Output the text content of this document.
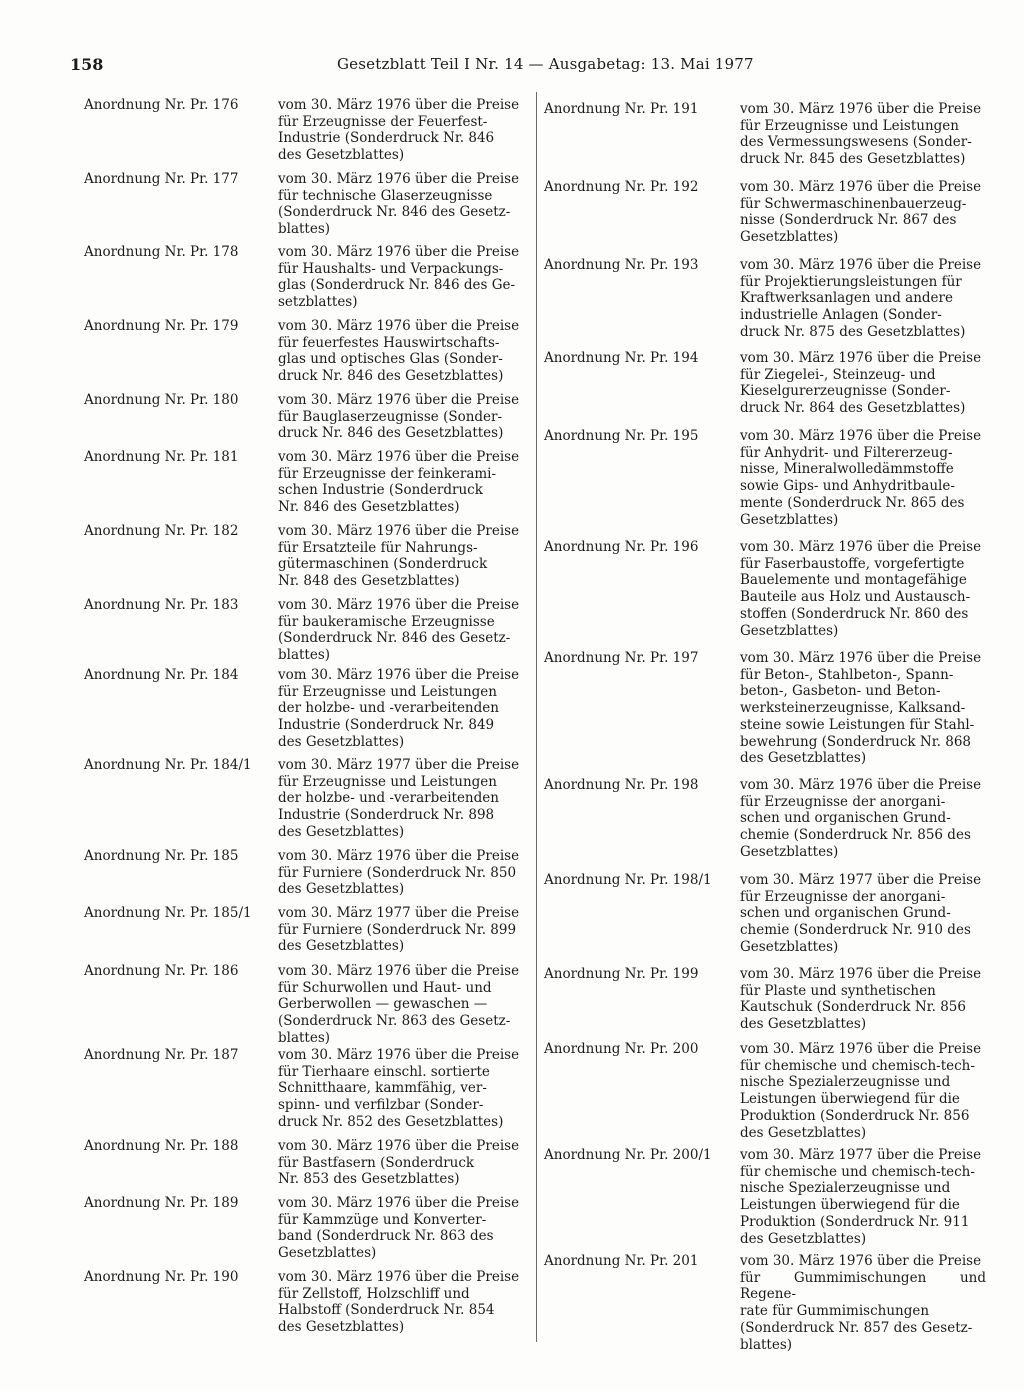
158	Gesetzblatt Teil I Nr. 14 — Ausgabetag: 13. Mai 1977
Anordnung Nr. Pr. 176	vom 30. März 1976 über die Preise
für Erzeugnisse der Feuerfest-
Industrie (Sonderdruck Nr. 846
des Gesetzblattes)
Anordnung Nr. Pr. 177	vom 30. März 1976 über die Preise
für technische Glaserzeugnisse
(Sonderdruck Nr. 846 des Gesetz-
blattes)
Anordnung Nr. Pr. 178	vom 30. März 1976 über die Preise
für Haushalts- und Verpackungs-
glas (Sonderdruck Nr. 846 des Ge-
setzblattes)
Anordnung Nr. Pr. 179	vom 30. März 1976 über die Preise
für feuerfestes Hauswirtschafts-
glas und optisches Glas (Sonder-
druck Nr. 846 des Gesetzblattes)
Anordnung Nr. Pr. 180	vom 30. März 1976 über die Preise
für Bauglaserzeugnisse (Sonder-
druck Nr. 846 des Gesetzblattes)
Anordnung Nr. Pr. 181	vom 30. März 1976 über die Preise
für Erzeugnisse der feinkerami-
schen Industrie (Sonderdruck
Nr. 846 des Gesetzblattes)
Anordnung Nr. Pr. 182	vom 30. März 1976 über die Preise
für Ersatzteile für Nahrungs-
gütermaschinen (Sonderdruck
Nr. 848 des Gesetzblattes)
Anordnung Nr. Pr. 183	vom 30. März 1976 über die Preise
für baukeramische Erzeugnisse
(Sonderdruck Nr. 846 des Gesetz-
blattes)
Anordnung Nr. Pr. 184	vom 30. März 1976 über die Preise
für Erzeugnisse und Leistungen
der holzbe- und -verarbeitenden
Industrie (Sonderdruck Nr. 849
des Gesetzblattes)
Anordnung Nr. Pr. 184/1 vom 30. März 1977 über die Preise
für Erzeugnisse und Leistungen
der holzbe- und -verarbeitenden
Industrie (Sonderdruck Nr. 898
des Gesetzblattes)
Anordnung Nr. Pr. 185	vom 30. März 1976 über die Preise
für Furniere (Sonderdruck Nr. 850
des Gesetzblattes)
Anordnung Nr. Pr. 185/1 vom 30. März 1977 über die Preise
für Furniere (Sonderdruck Nr. 899
des Gesetzblattes)
Anordnung Nr. Pr. 186	vom 30. März 1976 über die Preise
für Schurwollen und Haut- und
Gerberwollen — gewaschen —
(Sonderdruck Nr. 863 des Gesetz-
blattes)
Anordnung Nr. Pr. 187	vom 30. März 1976 über die Preise
für Tierhaare einschl. sortierte
Schnitthaare, kammfähig, ver-
spinn- und verfilzbar (Sonder-
druck Nr. 852 des Gesetzblattes)
Anordnung Nr. Pr. 188	vom 30. März 1976 über die Preise
für Bastfasern (Sonderdruck
Nr. 853 des Gesetzblattes)
Anordnung Nr. Pr. 189	vom 30. März 1976 über die Preise
für Kammzüge und Konverter-
band (Sonderdruck Nr. 863 des
Gesetzblattes)
Anordnung Nr. Pr. 190	vom 30. März 1976 über die Preise
für Zellstoff, Holzschliff und
Halbstoff (Sonderdruck Nr. 854
des Gesetzblattes)
Anordnung Nr. Pr. 191	vom 30. März 1976 über die Preise
für Erzeugnisse und Leistungen
des Vermessungswesens (Sonder-
druck Nr. 845 des Gesetzblattes)
Anordnung Nr. Pr. 192	vom 30. März 1976 über die Preise
für Schwermaschinenbauerzeug-
nisse (Sonderdruck Nr. 867 des
Gesetzblattes)
Anordnung Nr. Pr. 193	vom 30. März 1976 über die Preise
für Projektierungsleistungen für
Kraftwerksanlagen und andere
industrielle Anlagen (Sonder-
druck Nr. 875 des Gesetzblattes)
Anordnung Nr. Pr. 194	vom 30. März 1976 über die Preise
für Ziegelei-, Steinzeug- und
Kieselgurerzeugnisse (Sonder-
druck Nr. 864 des Gesetzblattes)
Anordnung Nr. Pr. 195	vom 30. März 1976 über die Preise
für Anhydrit- und Filtererzeug-
nisse, Mineralwolledämmstoffe
sowie Gips- und Anhydritbaule-
mente (Sonderdruck Nr. 865 des
Gesetzblattes)
Anordnung Nr. Pr. 196	vom 30. März 1976 über die Preise
für Faserbaustoffe, vorgefertigte
Bauelemente und montagefähige
Bauteile aus Holz und Austausch-
stoffen (Sonderdruck Nr. 860 des
Gesetzblattes)
Anordnung Nr. Pr. 197	vom 30. März 1976 über die Preise
für Beton-, Stahlbeton-, Spann-
beton-, Gasbeton- und Beton-
werksteinerzeugnisse, Kalksand-
steine sowie Leistungen für Stahl-
bewehrung (Sonderdruck Nr. 868
des Gesetzblattes)
Anordnung Nr. Pr. 198	vom 30. März 1976 über die Preise
für Erzeugnisse der anorgani-
schen und organischen Grund-
chemie (Sonderdruck Nr. 856 des
Gesetzblattes)
Anordnung Nr. Pr. 198/1 vom 30. März 1977 über die Preise
für Erzeugnisse der anorgani-
schen und organischen Grund-
chemie (Sonderdruck Nr. 910 des
Gesetzblattes)
Anordnung Nr. Pr. 199	vom 30. März 1976 über die Preise
für Plaste und synthetischen
Kautschuk (Sonderdruck Nr. 856
des Gesetzblattes)
Anordnung Nr. Pr. 200	vom 30. März 1976 über die Preise
für chemische und chemisch-tech-
nische Spezialerzeugnisse und
Leistungen überwiegend für die
Produktion (Sonderdruck Nr. 856
des Gesetzblattes)
Anordnung Nr. Pr. 200/1 vom 30. März 1977 über die Preise
für chemische und chemisch-tech-
nische Spezialerzeugnisse und
Leistungen überwiegend für die
Produktion (Sonderdruck Nr. 911
des Gesetzblattes)
Anordnung Nr. Pr. 201	vom 30. März 1976 über die Preise
für Gummimischungen und Regene-
rate für Gummimischungen
(Sonderdruck Nr. 857 des Gesetz-
blattes)
